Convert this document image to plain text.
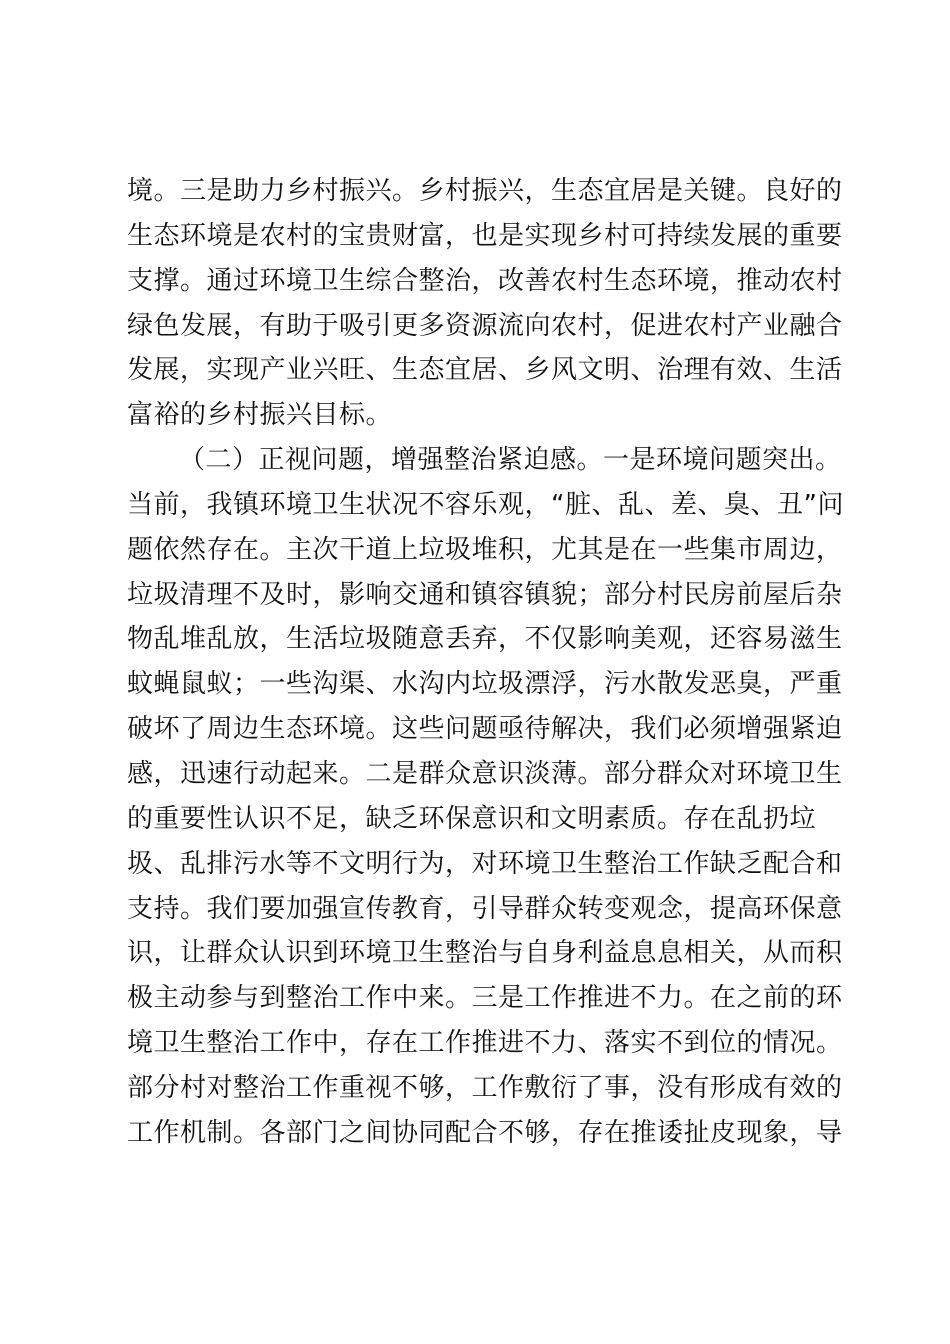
境。三是助力乡村振兴。乡村振兴，生态宜居是关键。良好的
生态环境是农村的宝贵财富，也是实现乡村可持续发展的重要
支撑。通过环境卫生综合整治，改善农村生态环境，推动农村
绿色发展，有助于吸引更多资源流向农村，促进农村产业融合
发展，实现产业兴旺、生态宜居、乡风文明、治理有效、生活
富裕的乡村振兴目标。
（二）正视问题，增强整治紧迫感。一是环境问题突出。
当前，我镇环境卫生状况不容乐观，“脏、乱、差、臭、丑”问
题依然存在。主次干道上垃圾堆积，尤其是在一些集市周边，
垃圾清理不及时，影响交通和镇容镇貌；部分村民房前屋后杂
物乱堆乱放，生活垃圾随意丢弃，不仅影响美观，还容易滋生
蚊蝇鼠蚁；一些沟渠、水沟内垃圾漂浮，污水散发恶臭，严重
破坏了周边生态环境。这些问题亟待解决，我们必须增强紧迫
感，迅速行动起来。二是群众意识淡薄。部分群众对环境卫生
的重要性认识不足，缺乏环保意识和文明素质。存在乱扔垃
圾、乱排污水等不文明行为，对环境卫生整治工作缺乏配合和
支持。我们要加强宣传教育，引导群众转变观念，提高环保意
识，让群众认识到环境卫生整治与自身利益息息相关，从而积
极主动参与到整治工作中来。三是工作推进不力。在之前的环
境卫生整治工作中，存在工作推进不力、落实不到位的情况。
部分村对整治工作重视不够，工作敷衍了事，没有形成有效的
工作机制。各部门之间协同配合不够，存在推诿扯皮现象，导
